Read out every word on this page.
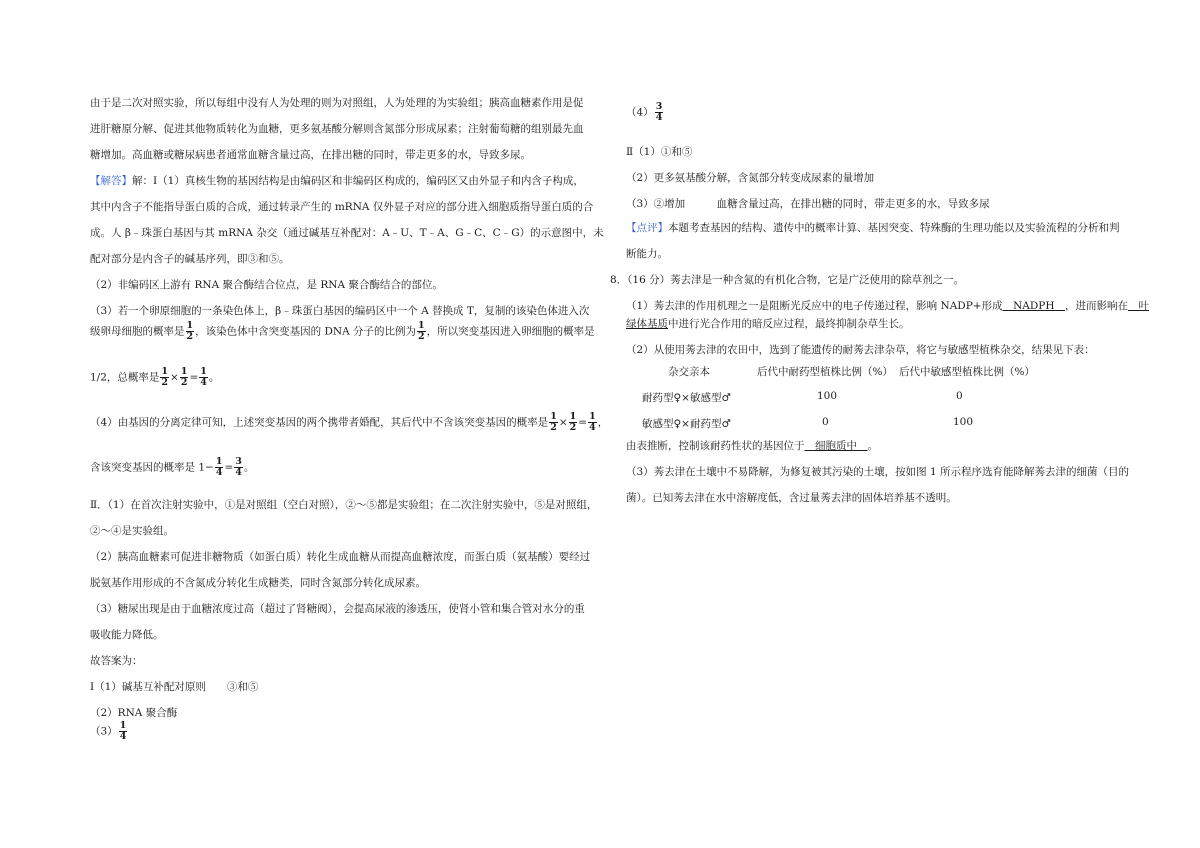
由于是二次对照实验，所以每组中没有人为处理的则为对照组，人为处理的为实验组；胰高血糖素作用是促
进肝糖原分解、促进其他物质转化为血糖，更多氨基酸分解则含氮部分形成尿素；注射葡萄糖的组别最先血
糖增加。高血糖或糖尿病患者通常血糖含量过高，在排出糖的同时，带走更多的水，导致多尿。
【解答】解：Ⅰ（1）真核生物的基因结构是由编码区和非编码区构成的，编码区又由外显子和内含子构成，
其中内含子不能指导蛋白质的合成，通过转录产生的 mRNA 仅外显子对应的部分进入细胞质指导蛋白质的合
成。人 β﹣珠蛋白基因与其 mRNA 杂交（通过碱基互补配对：A﹣U、T﹣A、G﹣C、C﹣G）的示意图中，未
配对部分是内含子的碱基序列，即③和⑤。
（2）非编码区上游有 RNA 聚合酶结合位点，是 RNA 聚合酶结合的部位。
（3）若一个卵原细胞的一条染色体上，β﹣珠蛋白基因的编码区中一个 A 替换成 T，复制的该染色体进入次
级卵母细胞的概率是 $\frac{1}{2}$ ，该染色体中含突变基因的 DNA 分子的比例为 $\frac{1}{2}$ ，所以突变基因进入卵细胞的概率是
1/2，总概率是 $\frac{1}{2} \times \frac{1}{2} = \frac{1}{4}$ 。
（4）由基因的分离定律可知，上述突变基因的两个携带者婚配，其后代中不含该突变基因的概率是 $\frac{1}{2} \times \frac{1}{2} = \frac{1}{4}$ ，
含该突变基因的概率是 $1- \frac{1}{4} = \frac{3}{4}$ 。
Ⅱ．（1）在首次注射实验中，①是对照组（空白对照），②～⑤都是实验组；在二次注射实验中，⑤是对照组，
②～④是实验组。
（2）胰高血糖素可促进非糖物质（如蛋白质）转化生成血糖从而提高血糖浓度，而蛋白质（氨基酸）要经过
脱氨基作用形成的不含氮成分转化生成糖类，同时含氮部分转化成尿素。
（3）糖尿出现是由于血糖浓度过高（超过了肾糖阀），会提高尿液的渗透压，使肾小管和集合管对水分的重
吸收能力降低。
故答案为：
Ⅰ（1）碱基互补配对原则　　③和⑤
（2）RNA 聚合酶
$(3) \frac{1}{4}$
$(4) \frac{3}{4}$
Ⅱ（1）①和⑤
（2）更多氨基酸分解，含氮部分转变成尿素的量增加
（3）②增加　　　血糖含量过高，在排出糖的同时，带走更多的水，导致多尿
【点评】本题考查基因的结构、遗传中的概率计算、基因突变、特殊酶的生理功能以及实验流程的分析和判
断能力。
8．（16 分）莠去津是一种含氮的有机化合物，它是广泛使用的除草剂之一。
（1）莠去津的作用机理之一是阻断光反应中的电子传递过程，影响 NADP+形成　NADPH　，进而影响在　叶
绿体基质中进行光合作用的暗反应过程，最终抑制杂草生长。
（2）从使用莠去津的农田中，选到了能遗传的耐莠去津杂草，将它与敏感型植株杂交，结果见下表：
杂交亲本	后代中耐药型植株比例（%） 后代中敏感型植株比例（%）
耐药型♀×敏感型♂	100	0
敏感型♀×耐药型♂	0	100
由表推断，控制该耐药性状的基因位于　细胞质中　。
（3）莠去津在土壤中不易降解，为修复被其污染的土壤，按如图 1 所示程序选育能降解莠去津的细菌（目的
菌）。已知莠去津在水中溶解度低，含过量莠去津的固体培养基不透明。
